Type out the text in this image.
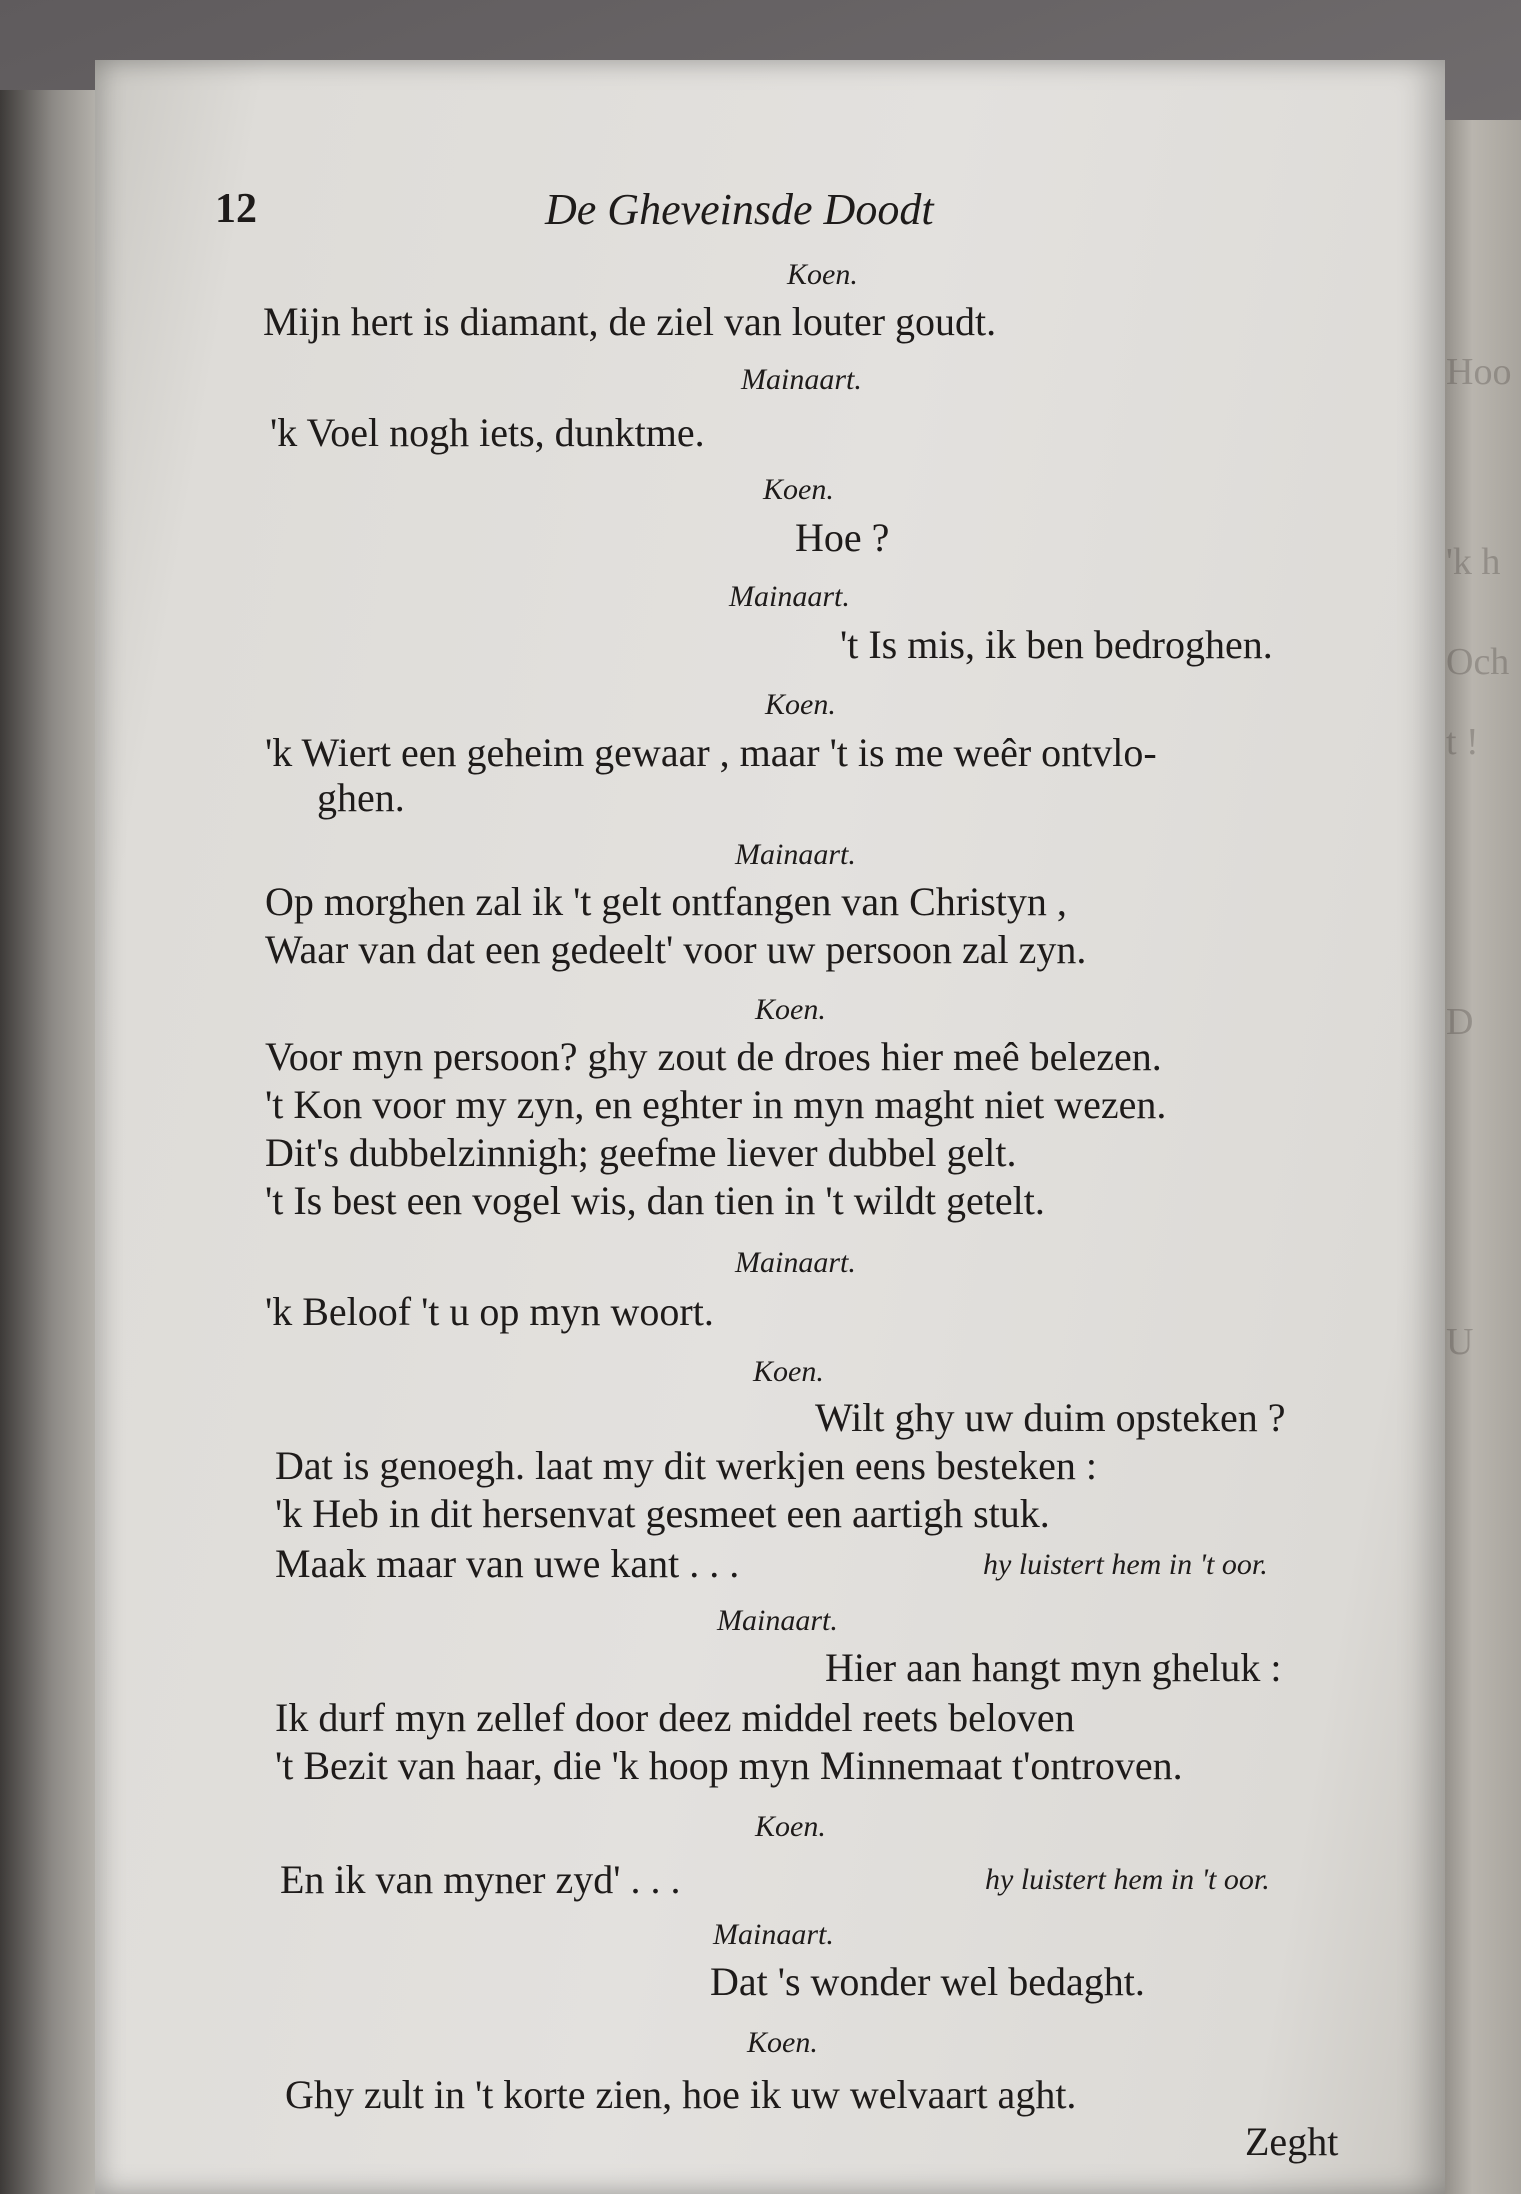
Hoo
'k h
Och
t !
D
U
12	De Gheveinsde Doodt
Koen.
Mijn hert is diamant, de ziel van louter goudt.
Mainaart.
'k Voel nogh iets, dunktme.
Koen.
Hoe ?
Mainaart.
't Is mis, ik ben bedroghen.
Koen.
'k Wiert een geheim gewaar , maar 't is me weêr ontvlo-
ghen.
Mainaart.
Op morghen zal ik 't gelt ontfangen van Christyn ,
Waar van dat een gedeelt' voor uw persoon zal zyn.
Koen.
Voor myn persoon? ghy zout de droes hier meê belezen.
't Kon voor my zyn, en eghter in myn maght niet wezen.
Dit's dubbelzinnigh; geefme liever dubbel gelt.
't Is best een vogel wis, dan tien in 't wildt getelt.
Mainaart.
'k Beloof 't u op myn woort.
Koen.
Wilt ghy uw duim opsteken ?
Dat is genoegh. laat my dit werkjen eens besteken :
'k Heb in dit hersenvat gesmeet een aartigh stuk.
Maak maar van uwe kant . . .	hy luistert hem in 't oor.
Mainaart.
Hier aan hangt myn gheluk :
Ik durf myn zellef door deez middel reets beloven
't Bezit van haar, die 'k hoop myn Minnemaat t'ontroven.
Koen.
En ik van myner zyd' . . .	hy luistert hem in 't oor.
Mainaart.
Dat 's wonder wel bedaght.
Koen.
Ghy zult in 't korte zien, hoe ik uw welvaart aght.
Zeght
